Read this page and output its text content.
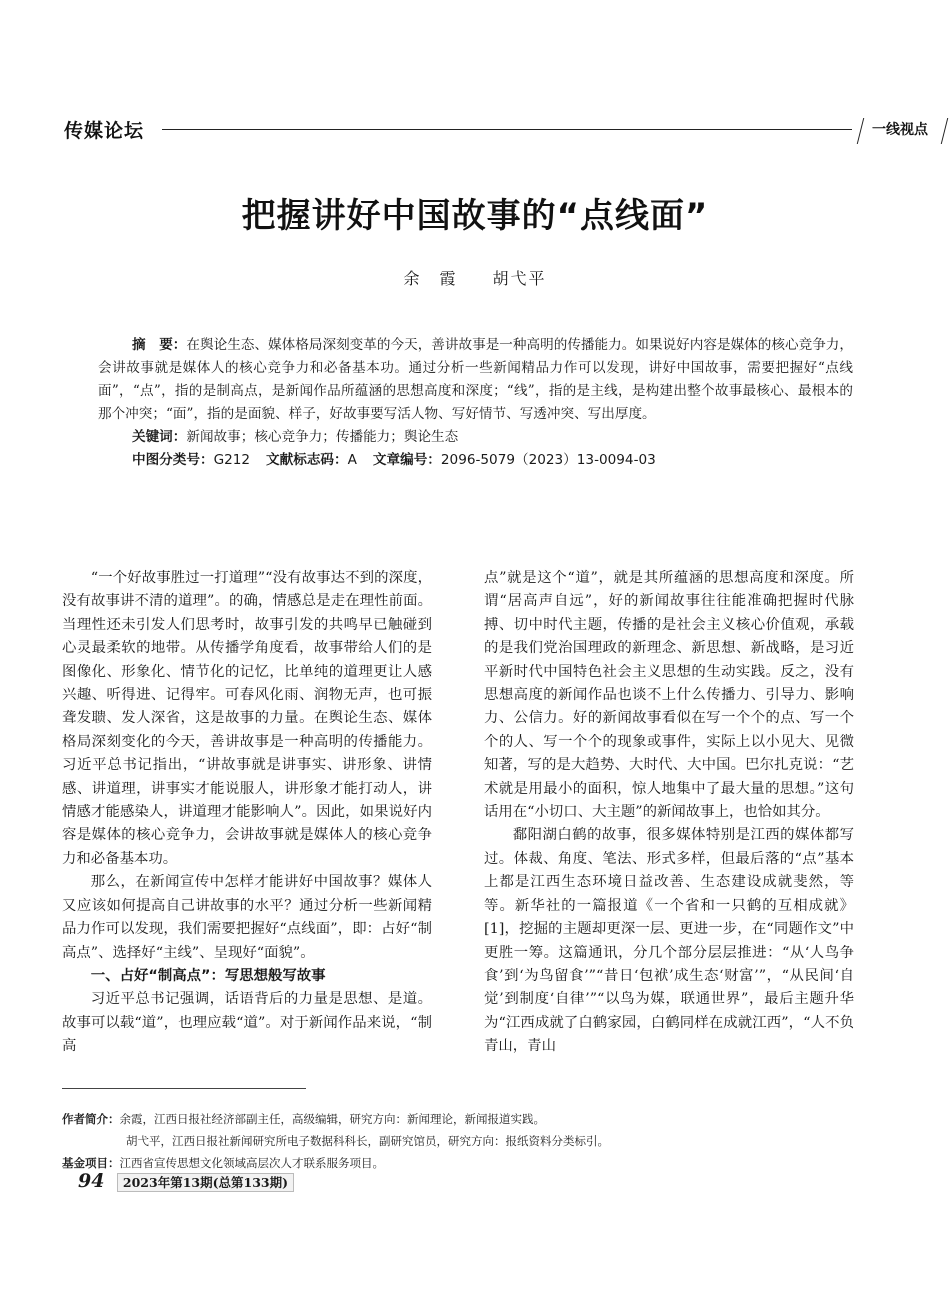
传媒论坛	一线视点
把握讲好中国故事的“点线面”
余　霞 胡弋平

摘　要：在舆论生态、媒体格局深刻变革的今天，善讲故事是一种高明的传播能力。如果说好内容是媒体的核心竞争力，会讲故事就是媒体人的核心竞争力和必备基本功。通过分析一些新闻精品力作可以发现，讲好中国故事，需要把握好“点线面”，“点”，指的是制高点，是新闻作品所蕴涵的思想高度和深度；“线”，指的是主线，是构建出整个故事最核心、最根本的那个冲突；“面”，指的是面貌、样子，好故事要写活人物、写好情节、写透冲突、写出厚度。

关键词：新闻故事；核心竞争力；传播能力；舆论生态

中图分类号：G212 文献标志码：A 文章编号：2096-5079（2023）13-0094-03

“一个好故事胜过一打道理”“没有故事达不到的深度，没有故事讲不清的道理”。的确，情感总是走在理性前面。当理性还未引发人们思考时，故事引发的共鸣早已触碰到心灵最柔软的地带。从传播学角度看，故事带给人们的是图像化、形象化、情节化的记忆，比单纯的道理更让人感兴趣、听得进、记得牢。可春风化雨、润物无声，也可振聋发聩、发人深省，这是故事的力量。在舆论生态、媒体格局深刻变化的今天，善讲故事是一种高明的传播能力。习近平总书记指出，“讲故事就是讲事实、讲形象、讲情感、讲道理，讲事实才能说服人，讲形象才能打动人，讲情感才能感染人，讲道理才能影响人”。因此，如果说好内容是媒体的核心竞争力，会讲故事就是媒体人的核心竞争力和必备基本功。

那么，在新闻宣传中怎样才能讲好中国故事？媒体人又应该如何提高自己讲故事的水平？通过分析一些新闻精品力作可以发现，我们需要把握好“点线面”，即：占好“制高点”、选择好“主线”、呈现好“面貌”。

一、占好“制高点”：写思想般写故事

习近平总书记强调，话语背后的力量是思想、是道。故事可以载“道”，也理应载“道”。对于新闻作品来说，“制高

点”就是这个“道”，就是其所蕴涵的思想高度和深度。所谓“居高声自远”，好的新闻故事往往能准确把握时代脉搏、切中时代主题，传播的是社会主义核心价值观，承载的是我们党治国理政的新理念、新思想、新战略，是习近平新时代中国特色社会主义思想的生动实践。反之，没有思想高度的新闻作品也谈不上什么传播力、引导力、影响力、公信力。好的新闻故事看似在写一个个的点、写一个个的人、写一个个的现象或事件，实际上以小见大、见微知著，写的是大趋势、大时代、大中国。巴尔扎克说：“艺术就是用最小的面积，惊人地集中了最大量的思想。”这句话用在“小切口、大主题”的新闻故事上，也恰如其分。

鄱阳湖白鹤的故事，很多媒体特别是江西的媒体都写过。体裁、角度、笔法、形式多样，但最后落的“点”基本上都是江西生态环境日益改善、生态建设成就斐然，等等。新华社的一篇报道《一个省和一只鹤的互相成就》[1]，挖掘的主题却更深一层、更进一步，在“同题作文”中更胜一筹。这篇通讯，分几个部分层层推进：“从‘人鸟争食’到‘为鸟留食’”“昔日‘包袱’成生态‘财富’”，“从民间‘自觉’到制度‘自律’”“以鸟为媒，联通世界”，最后主题升华为“江西成就了白鹤家园，白鹤同样在成就江西”，“人不负青山，青山

作者简介：余霞，江西日报社经济部副主任，高级编辑，研究方向：新闻理论，新闻报道实践。

胡弋平，江西日报社新闻研究所电子数据科科长，副研究馆员，研究方向：报纸资料分类标引。

基金项目：江西省宣传思想文化领域高层次人才联系服务项目。

94 2023年第13期(总第133期)
